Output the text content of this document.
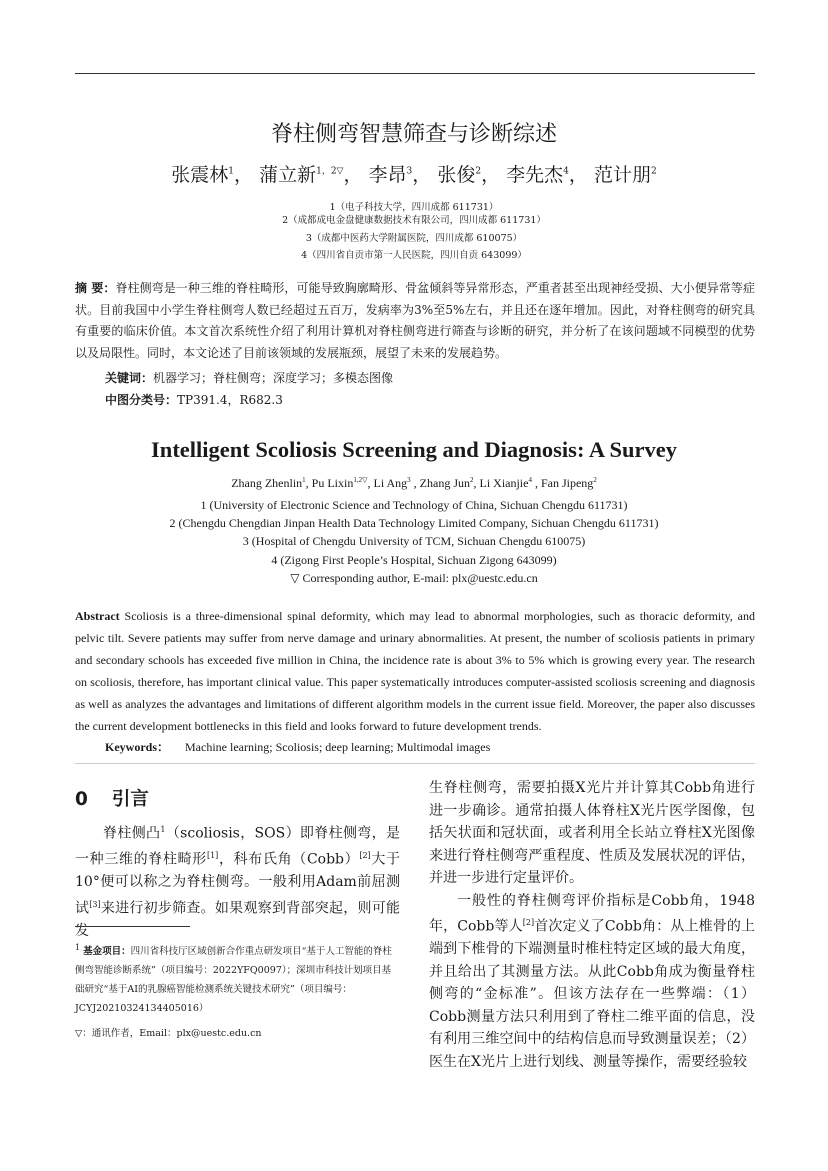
脊柱侧弯智慧筛查与诊断综述
张震林$^1$， 蒲立新$^{1,2▽}$， 李昂$^3$， 张俊$^2$， 李先杰$^4$， 范计朋$^2$
1（电子科技大学，四川成都 611731）
2（成都成电金盘健康数据技术有限公司，四川成都 611731）
3（成都中医药大学附属医院，四川成都 610075）
4（四川省自贡市第一人民医院，四川自贡 643099）
摘 要：脊柱侧弯是一种三维的脊柱畸形，可能导致胸廓畸形、骨盆倾斜等异常形态，严重者甚至出现神经受损、大小便异常等症状。目前我国中小学生脊柱侧弯人数已经超过五百万，发病率为3%至5%左右，并且还在逐年增加。因此，对脊柱侧弯的研究具有重要的临床价值。本文首次系统性介绍了利用计算机对脊柱侧弯进行筛查与诊断的研究，并分析了在该问题域不同模型的优势以及局限性。同时，本文论述了目前该领域的发展瓶颈，展望了未来的发展趋势。
关键词：机器学习；脊柱侧弯；深度学习；多模态图像
中图分类号：TP391.4，R682.3
Intelligent Scoliosis Screening and Diagnosis: A Survey
Zhang Zhenlin$^1$, Pu Lixin$^{1,2▽}$, Li Ang$^3$ , Zhang Jun$^2$, Li Xianjie$^4$ , Fan Jipeng$^2$
1 (University of Electronic Science and Technology of China, Sichuan Chengdu 611731)
2 (Chengdu Chengdian Jinpan Health Data Technology Limited Company, Sichuan Chengdu 611731)
3 (Hospital of Chengdu University of TCM, Sichuan Chengdu 610075)
4 (Zigong First People’s Hospital, Sichuan Zigong 643099)
▽ Corresponding author, E-mail: plx@uestc.edu.cn
Abstract Scoliosis is a three-dimensional spinal deformity, which may lead to abnormal morphologies, such as thoracic deformity, and pelvic tilt. Severe patients may suffer from nerve damage and urinary abnormalities. At present, the number of scoliosis patients in primary and secondary schools has exceeded five million in China, the incidence rate is about 3% to 5% which is growing every year. The research on scoliosis, therefore, has important clinical value. This paper systematically introduces computer-assisted scoliosis screening and diagnosis as well as analyzes the advantages and limitations of different algorithm models in the current issue field. Moreover, the paper also discusses the current development bottlenecks in this field and looks forward to future development trends.
Keywords： Machine learning; Scoliosis; deep learning; Multimodal images
0 引言

脊柱侧凸$^1$（scoliosis，SOS）即脊柱侧弯，是一种三维的脊柱畸形[1]，科布氏角（Cobb）[2]大于10°便可以称之为脊柱侧弯。一般利用Adam前屈测试[3]来进行初步筛查。如果观察到背部突起，则可能发

$^1$ 基金项目：四川省科技厅区域创新合作重点研发项目“基于人工智能的脊柱侧弯智能诊断系统”（项目编号：2022YFQ0097）；深圳市科技计划项目基础研究“基于AI的乳腺癌智能检测系统关键技术研究”（项目编号：JCYJ20210324134405016）
▽：通讯作者，Email：plx@uestc.edu.cn

生脊柱侧弯，需要拍摄X光片并计算其Cobb角进行进一步确诊。通常拍摄人体脊柱X光片医学图像，包括矢状面和冠状面，或者利用全长站立脊柱X光图像来进行脊柱侧弯严重程度、性质及发展状况的评估，并进一步进行定量评价。

一般性的脊柱侧弯评价指标是Cobb角，1948年，Cobb等人[2]首次定义了Cobb角：从上椎骨的上端到下椎骨的下端测量时椎柱特定区域的最大角度，并且给出了其测量方法。从此Cobb角成为衡量脊柱侧弯的“金标准”。但该方法存在一些弊端：（1）Cobb测量方法只利用到了脊柱二维平面的信息，没有利用三维空间中的结构信息而导致测量误差；（2）医生在X光片上进行划线、测量等操作，需要经验较
